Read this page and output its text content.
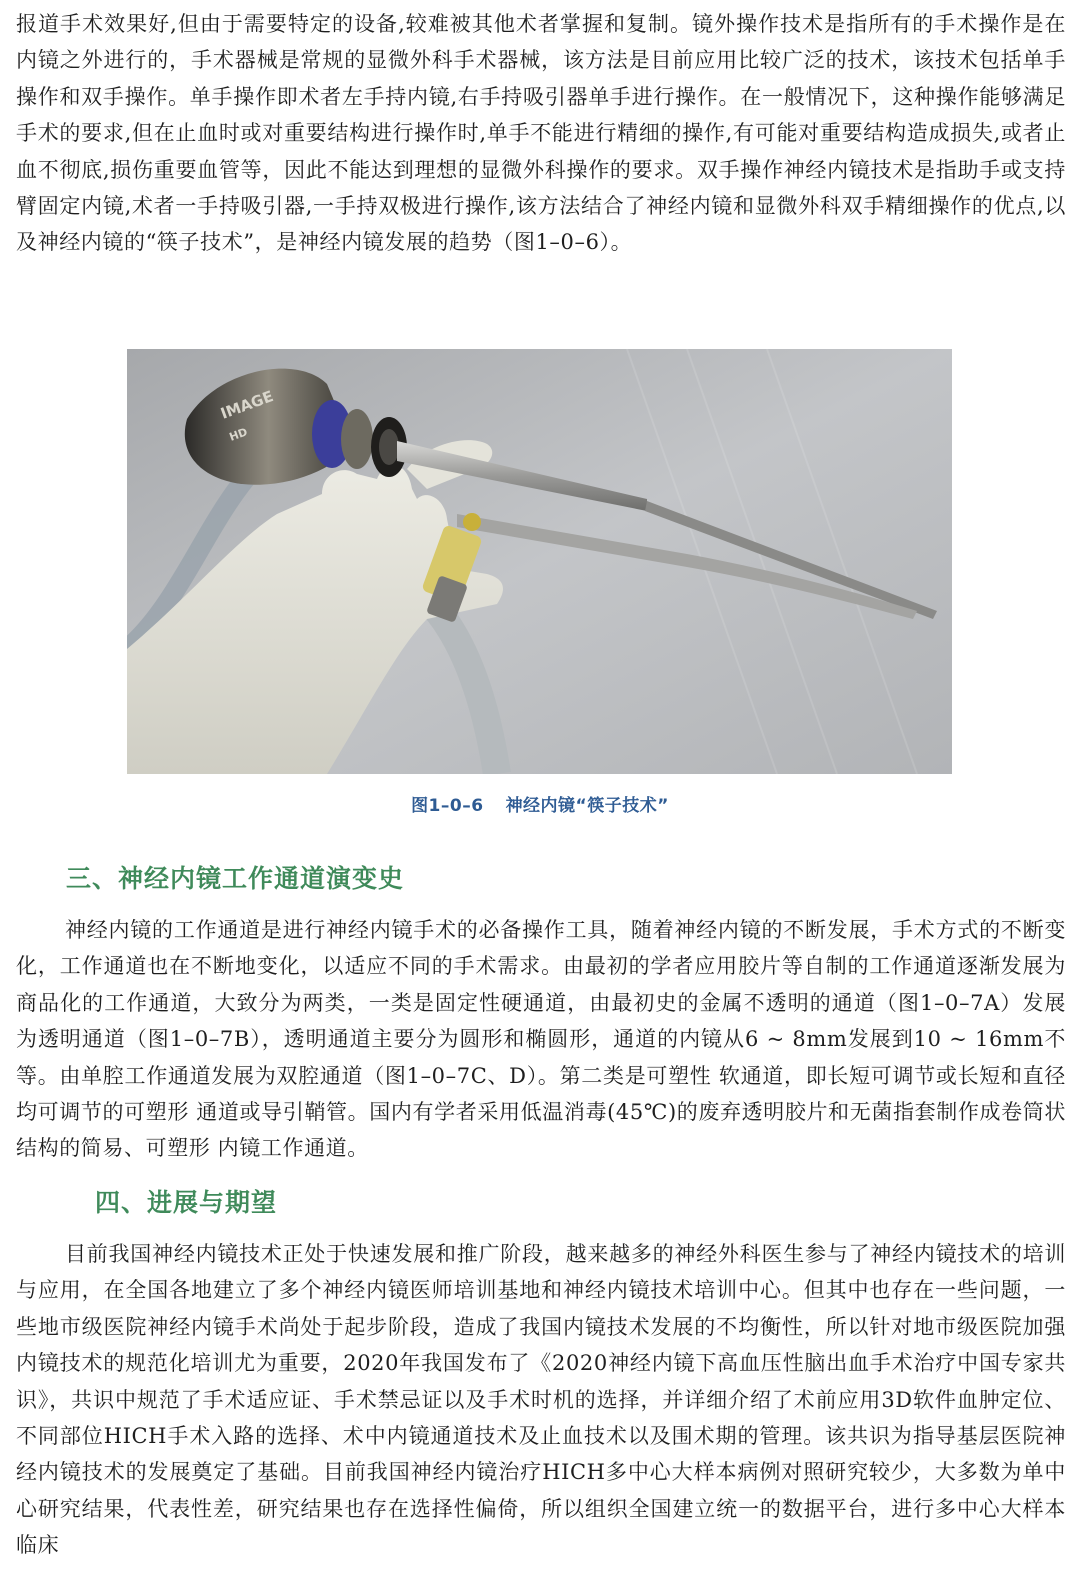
报道手术效果好,但由于需要特定的设备,较难被其他术者掌握和复制。镜外操作技术是指所有的手术操作是在内镜之外进行的，手术器械是常规的显微外科手术器械，该方法是目前应用比较广泛的技术，该技术包括单手操作和双手操作。单手操作即术者左手持内镜,右手持吸引器单手进行操作。在一般情况下，这种操作能够满足手术的要求,但在止血时或对重要结构进行操作时,单手不能进行精细的操作,有可能对重要结构造成损失,或者止血不彻底,损伤重要血管等，因此不能达到理想的显微外科操作的要求。双手操作神经内镜技术是指助手或支持臂固定内镜,术者一手持吸引器,一手持双极进行操作,该方法结合了神经内镜和显微外科双手精细操作的优点,以及神经内镜的“筷子技术”，是神经内镜发展的趋势（图1–0–6）。

IMAGE
HD
图1–0–6 神经内镜“筷子技术”
三、神经内镜工作通道演变史

神经内镜的工作通道是进行神经内镜手术的必备操作工具，随着神经内镜的不断发展，手术方式的不断变化，工作通道也在不断地变化，以适应不同的手术需求。由最初的学者应用胶片等自制的工作通道逐渐发展为商品化的工作通道，大致分为两类，一类是固定性硬通道，由最初史的金属不透明的通道（图1–0–7A）发展为透明通道（图1–0–7B），透明通道主要分为圆形和椭圆形，通道的内镜从6 ~ 8mm发展到10 ~ 16mm不等。由单腔工作通道发展为双腔通道（图1–0–7C、D）。第二类是可塑性 软通道，即长短可调节或长短和直径均可调节的可塑形 通道或导引鞘管。国内有学者采用低温消毒(45℃)的废弃透明胶片和无菌指套制作成卷筒状结构的简易、可塑形 内镜工作通道。

四、进展与期望

目前我国神经内镜技术正处于快速发展和推广阶段，越来越多的神经外科医生参与了神经内镜技术的培训与应用，在全国各地建立了多个神经内镜医师培训基地和神经内镜技术培训中心。但其中也存在一些问题，一些地市级医院神经内镜手术尚处于起步阶段，造成了我国内镜技术发展的不均衡性，所以针对地市级医院加强内镜技术的规范化培训尤为重要，2020年我国发布了《2020神经内镜下高血压性脑出血手术治疗中国专家共识》，共识中规范了手术适应证、手术禁忌证以及手术时机的选择，并详细介绍了术前应用3D软件血肿定位、不同部位HICH手术入路的选择、术中内镜通道技术及止血技术以及围术期的管理。该共识为指导基层医院神经内镜技术的发展奠定了基础。目前我国神经内镜治疗HICH多中心大样本病例对照研究较少，大多数为单中心研究结果，代表性差，研究结果也存在选择性偏倚，所以组织全国建立统一的数据平台，进行多中心大样本临床
